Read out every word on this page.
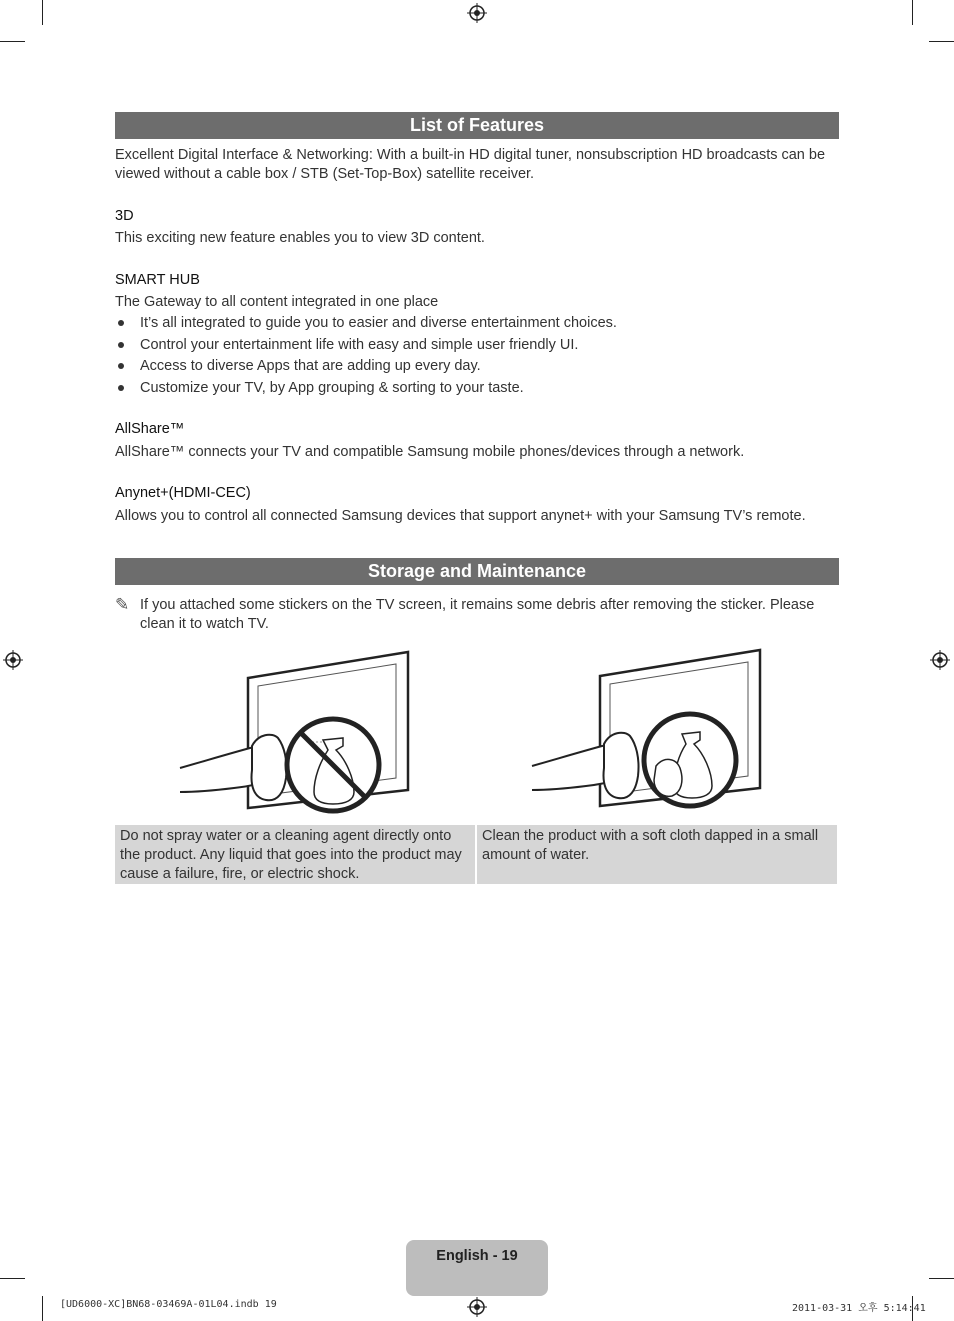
List of Features
Excellent Digital Interface & Networking: With a built-in HD digital tuner, nonsubscription HD broadcasts can be viewed without a cable box / STB (Set-Top-Box) satellite receiver.
3D
This exciting new feature enables you to view 3D content.
SMART HUB
The Gateway to all content integrated in one place
It’s all integrated to guide you to easier and diverse entertainment choices.
Control your entertainment life with easy and simple user friendly UI.
Access to diverse Apps that are adding up every day.
Customize your TV, by App grouping & sorting to your taste.
AllShare™
AllShare™ connects your TV and compatible Samsung mobile phones/devices through a network.
Anynet+(HDMI-CEC)
Allows you to control all connected Samsung devices that support anynet+ with your Samsung TV’s remote.
Storage and Maintenance
✎ If you attached some stickers on the TV screen, it remains some debris after removing the sticker. Please clean it to watch TV.
Do not spray water or a cleaning agent directly onto the product. Any liquid that goes into the product may cause a failure, fire, or electric shock.
Clean the product with a soft cloth dapped in a small amount of water.
English - 19
[UD6000-XC]BN68-03469A-01L04.indb 19	2011-03-31 오후 5:14:41
